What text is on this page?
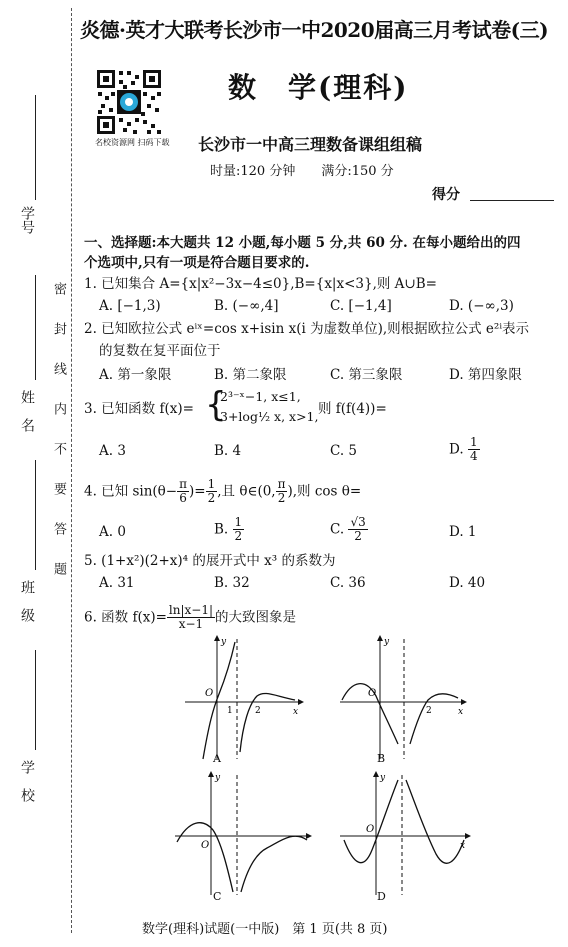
学号
姓名
班级
学校
密封线内不要答题
炎德·英才大联考长沙市一中2020届高三月考试卷(三)
名校资源网 扫码下载
数　学(理科)
长沙市一中高三理数备课组组稿
时量:120 分钟　　满分:150 分
得分
一、选择题:本大题共 12 小题,每小题 5 分,共 60 分. 在每小题给出的四
个选项中,只有一项是符合题目要求的.
1. 已知集合 A={x|x²−3x−4≤0},B={x|x<3},则 A∪B=
A. [−1,3)	B. (−∞,4]	C. [−1,4]	D. (−∞,3)
2. 已知欧拉公式 eⁱˣ=cos x+isin x(i 为虚数单位),则根据欧拉公式 e²ⁱ表示
的复数在复平面位于
A. 第一象限	B. 第二象限	C. 第三象限	D. 第四象限
3. 已知函数 f(x)= {
2³⁻ˣ−1, x≤1,
3+log½ x, x>1, 则 f(f(4))=
A. 3	B. 4	C. 5	D. $\frac{1}{4}$
4. 已知 $\sin(\theta- \frac{\pi}{6}$ )= $\frac{1}{2}$ ,且 θ∈(0, $\frac{\pi}{2}$ ),则 cos θ=
A. 0	B. $\frac{1}{2}$	C. $\frac{√3}{2}$	D. 1
5. (1+x²)(2+x)⁴ 的展开式中 x³ 的系数为
A. 31	B. 32	C. 36	D. 40
6. 函数 $f(x)= \frac{\ln|x-1|}{x-1}$ 的大致图象是
O
1 2	x
y
A
O
2	x
y
B
O
y
C
O
x
y
D
数学(理科)试题(一中版)　第 1 页(共 8 页)
